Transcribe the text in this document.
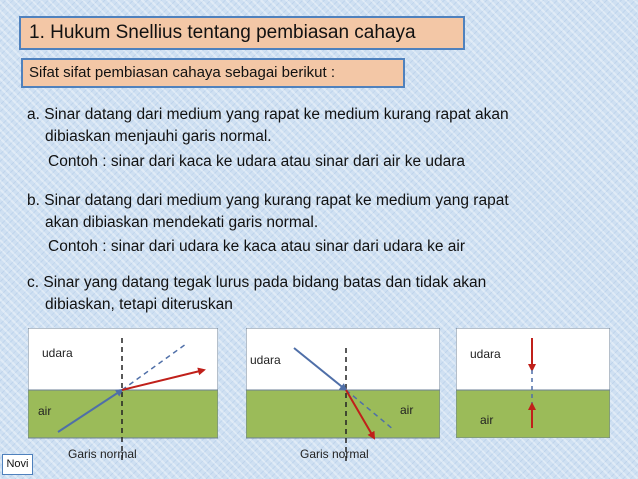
1. Hukum Snellius tentang pembiasan cahaya
Sifat sifat pembiasan cahaya sebagai berikut :
a. Sinar datang dari medium yang rapat ke medium kurang rapat akan
dibiaskan menjauhi garis normal.
Contoh : sinar dari kaca ke udara atau sinar dari air ke udara
b. Sinar datang dari medium yang kurang rapat ke medium yang rapat
akan dibiaskan mendekati garis normal.
Contoh : sinar dari udara ke kaca atau sinar dari udara ke air
c. Sinar yang datang tegak lurus pada bidang batas dan tidak akan
dibiaskan, tetapi diteruskan
udara
air
Garis normal
udara
air
Garis normal
udara
air
Novi
